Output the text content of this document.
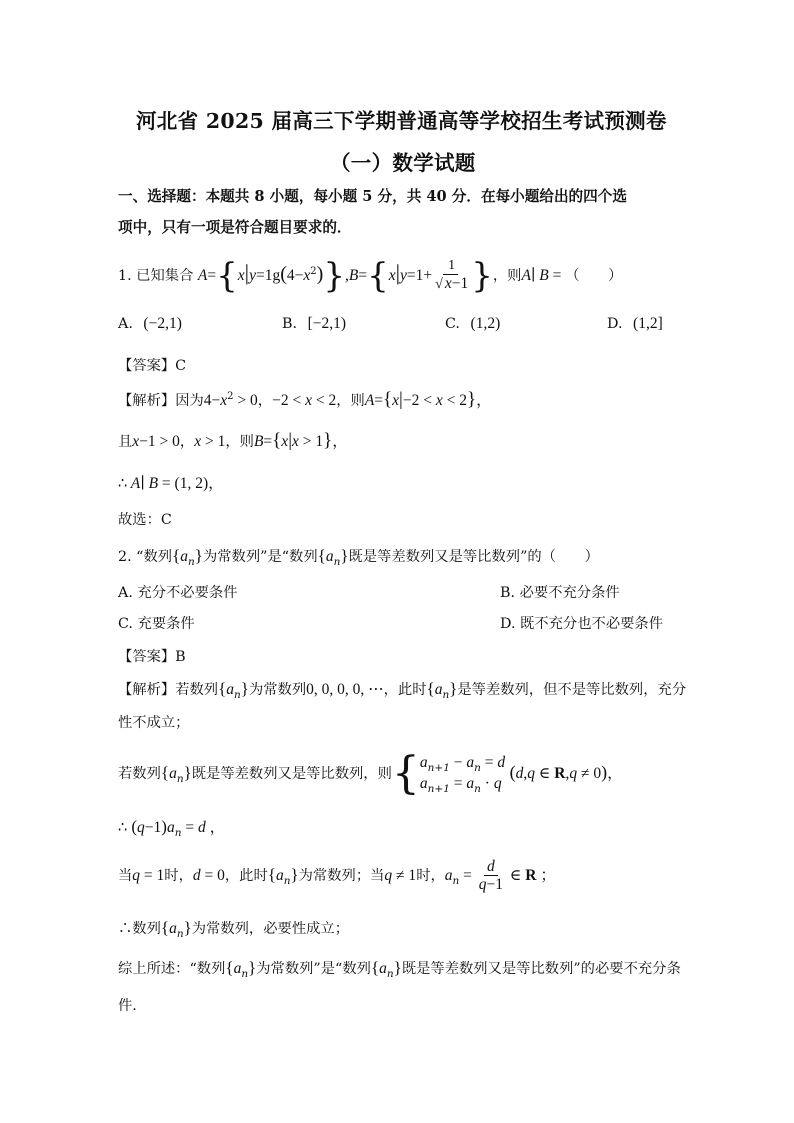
河北省 2025 届高三下学期普通高等学校招生考试预测卷
（一）数学试题
一、选择题：本题共 8 小题，每小题 5 分，共 40 分．在每小题给出的四个选
项中，只有一项是符合题目要求的．
1. 已知集合 $A=\{x|y=1g(4-x^2)\},B=\{x|y=1+ \frac{1}{√ x-1}$ }，则A∣ B = （　　）
A. (−2,1)	B. [−2,1)	C. (1,2)	D. (1,2]
【答案】C
【解析】因为$4-x^2 > 0$，−2 < x < 2，则A={x|−2 < x < 2}，
且x−1 > 0，x > 1，则B={x|x > 1}，
∴ A∣ B = (1, 2)，
故选：C
2. “数列$\{a_n\}$为常数列”是“数列$\{a_n\}$既是等差数列又是等比数列”的（　　）
A. 充分不必要条件	B. 必要不充分条件
C. 充要条件	D. 既不充分也不必要条件
【答案】B
【解析】若数列$\{a_n\}$为常数列0, 0, 0, 0, ⋯，此时$\{a_n\}$是等差数列，但不是等比数列，充分
性不成立；
若数列$\{a_n\}$既是等差数列又是等比数列，则{ $a_{n+1} - a_n = d$
$a_{n+1} = a_n \cdot q$
(d,q ∈ R,q ≠ 0)，
∴ $(q-1)a_n = d$ ，
当q = 1时，d = 0，此时$\{a_n\}$为常数列；当q ≠ 1时，$a_n = \frac{d}{q-1}$ ∈ R ；
∴数列$\{a_n\}$为常数列，必要性成立；
综上所述：“数列$\{a_n\}$为常数列”是“数列$\{a_n\}$既是等差数列又是等比数列”的必要不充分条
件.
